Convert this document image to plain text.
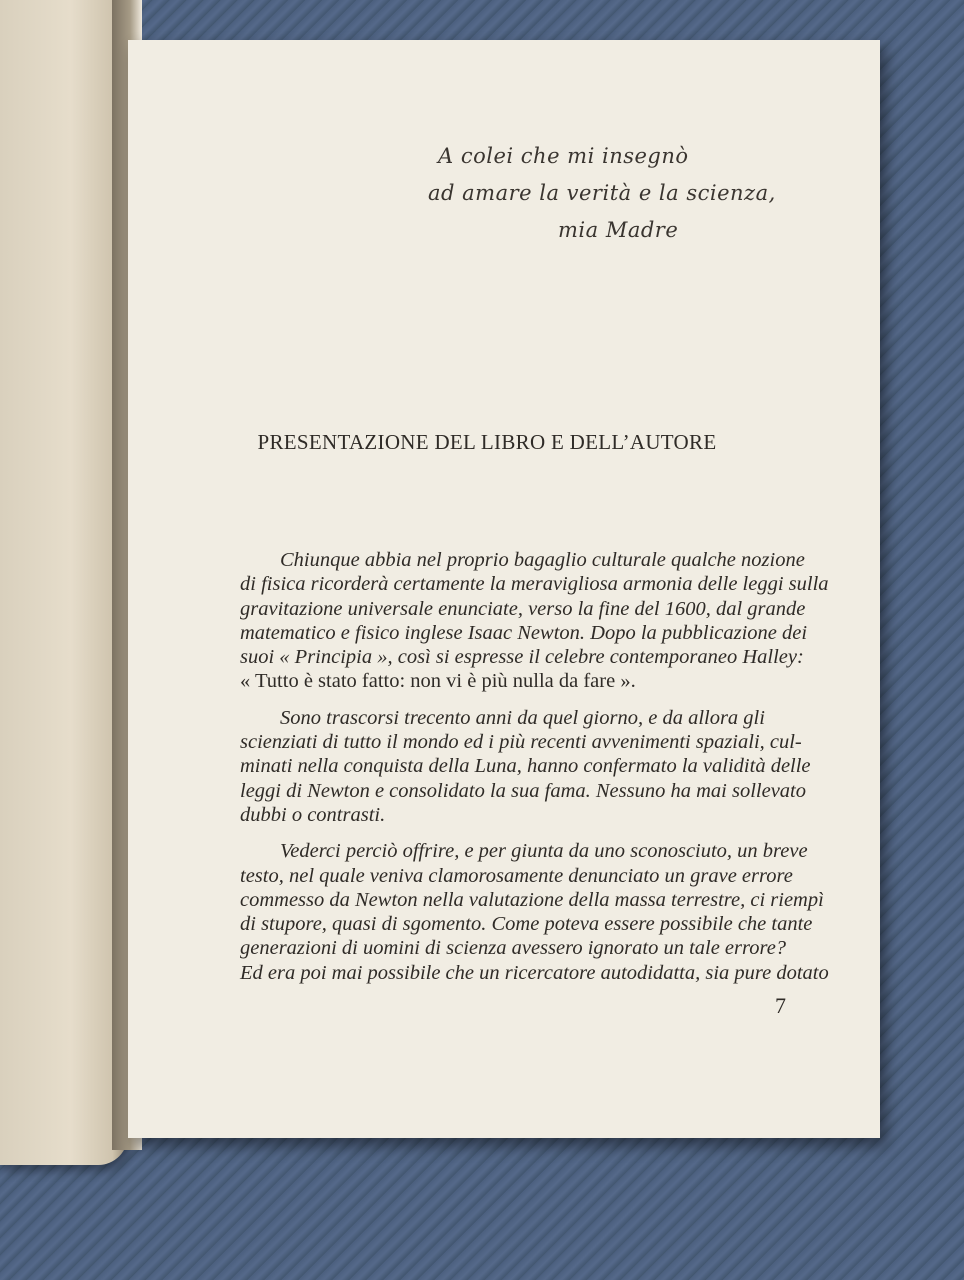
A colei che mi insegnò
ad amare la verità e la scienza,
mia Madre
PRESENTAZIONE DEL LIBRO E DELL’AUTORE

Chiunque abbia nel proprio bagaglio culturale qualche nozione
di fisica ricorderà certamente la meravigliosa armonia delle leggi sulla
gravitazione universale enunciate, verso la fine del 1600, dal grande
matematico e fisico inglese Isaac Newton. Dopo la pubblicazione dei
suoi « Principia », così si espresse il celebre contemporaneo Halley:
« Tutto è stato fatto: non vi è più nulla da fare ».

Sono trascorsi trecento anni da quel giorno, e da allora gli
scienziati di tutto il mondo ed i più recenti avvenimenti spaziali, cul-
minati nella conquista della Luna, hanno confermato la validità delle
leggi di Newton e consolidato la sua fama. Nessuno ha mai sollevato
dubbi o contrasti.

Vederci perciò offrire, e per giunta da uno sconosciuto, un breve
testo, nel quale veniva clamorosamente denunciato un grave errore
commesso da Newton nella valutazione della massa terrestre, ci riempì
di stupore, quasi di sgomento. Come poteva essere possibile che tante
generazioni di uomini di scienza avessero ignorato un tale errore?
Ed era poi mai possibile che un ricercatore autodidatta, sia pure dotato

7
